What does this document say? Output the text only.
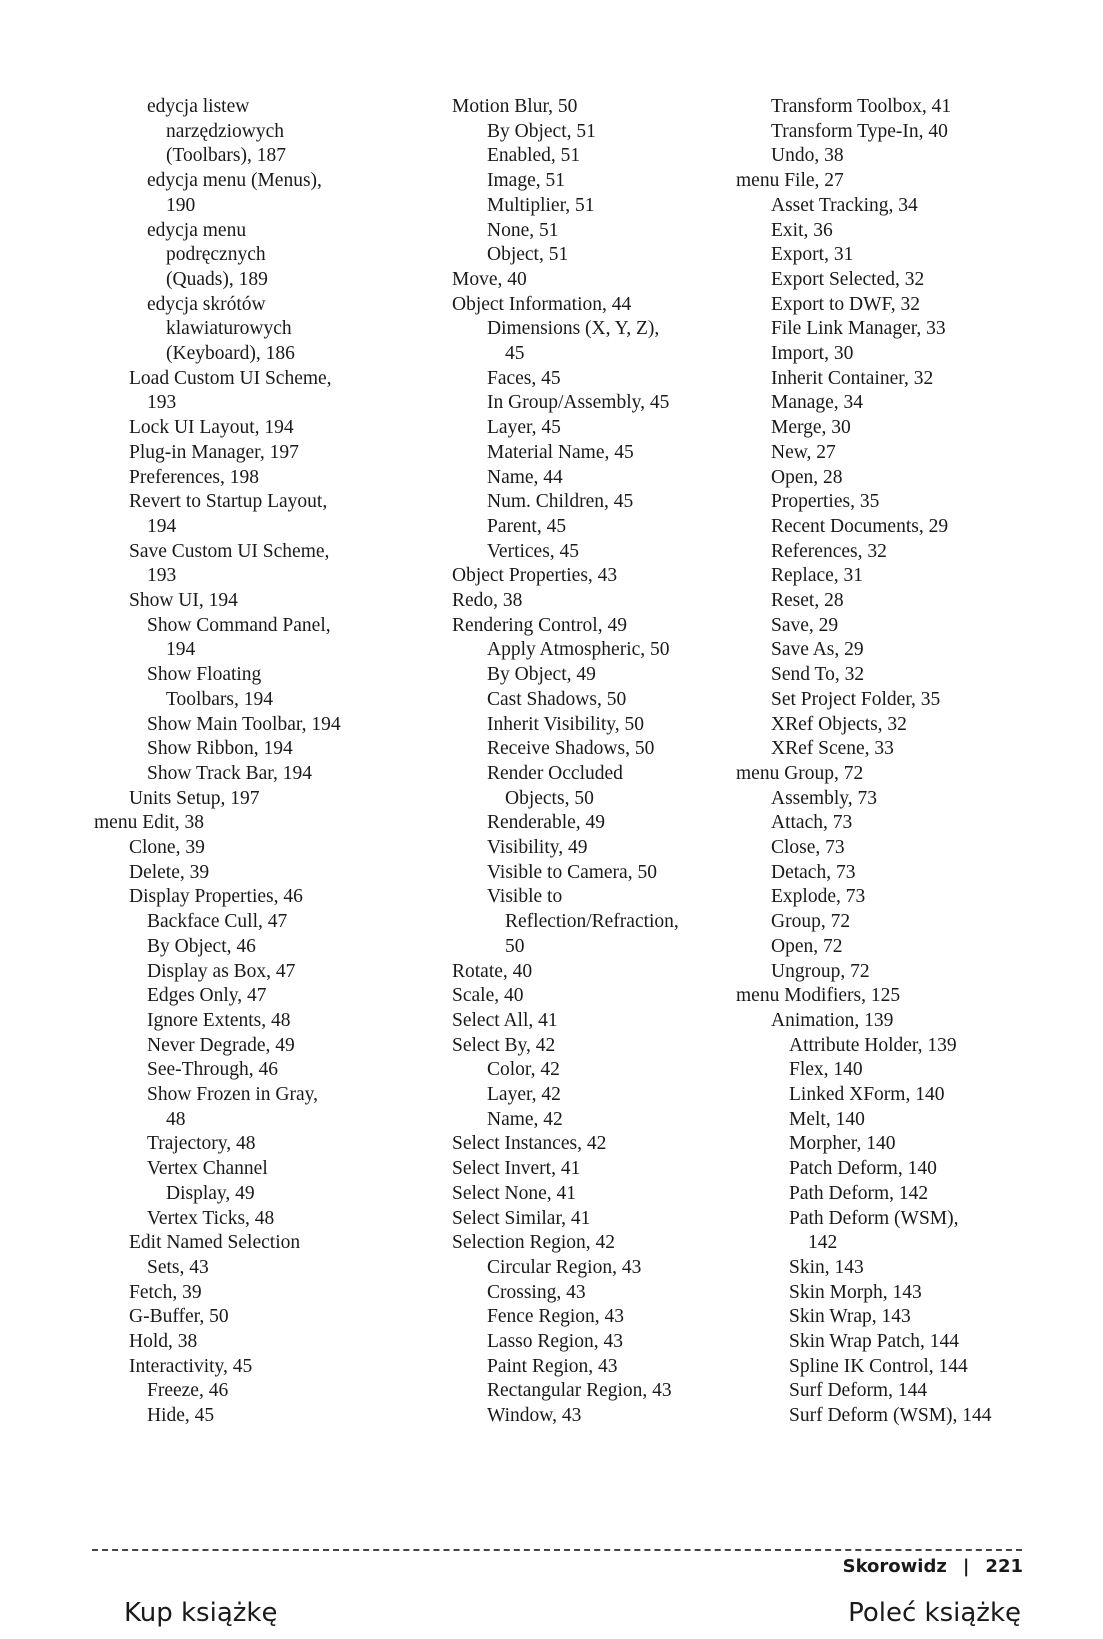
edycja listew
narzędziowych
(Toolbars), 187
edycja menu (Menus),
190
edycja menu
podręcznych
(Quads), 189
edycja skrótów
klawiaturowych
(Keyboard), 186
Load Custom UI Scheme,
193
Lock UI Layout, 194
Plug-in Manager, 197
Preferences, 198
Revert to Startup Layout,
194
Save Custom UI Scheme,
193
Show UI, 194
Show Command Panel,
194
Show Floating
Toolbars, 194
Show Main Toolbar, 194
Show Ribbon, 194
Show Track Bar, 194
Units Setup, 197
menu Edit, 38
Clone, 39
Delete, 39
Display Properties, 46
Backface Cull, 47
By Object, 46
Display as Box, 47
Edges Only, 47
Ignore Extents, 48
Never Degrade, 49
See-Through, 46
Show Frozen in Gray,
48
Trajectory, 48
Vertex Channel
Display, 49
Vertex Ticks, 48
Edit Named Selection
Sets, 43
Fetch, 39
G-Buffer, 50
Hold, 38
Interactivity, 45
Freeze, 46
Hide, 45
Motion Blur, 50
By Object, 51
Enabled, 51
Image, 51
Multiplier, 51
None, 51
Object, 51
Move, 40
Object Information, 44
Dimensions (X, Y, Z),
45
Faces, 45
In Group/Assembly, 45
Layer, 45
Material Name, 45
Name, 44
Num. Children, 45
Parent, 45
Vertices, 45
Object Properties, 43
Redo, 38
Rendering Control, 49
Apply Atmospheric, 50
By Object, 49
Cast Shadows, 50
Inherit Visibility, 50
Receive Shadows, 50
Render Occluded
Objects, 50
Renderable, 49
Visibility, 49
Visible to Camera, 50
Visible to
Reflection/Refraction,
50
Rotate, 40
Scale, 40
Select All, 41
Select By, 42
Color, 42
Layer, 42
Name, 42
Select Instances, 42
Select Invert, 41
Select None, 41
Select Similar, 41
Selection Region, 42
Circular Region, 43
Crossing, 43
Fence Region, 43
Lasso Region, 43
Paint Region, 43
Rectangular Region, 43
Window, 43
Transform Toolbox, 41
Transform Type-In, 40
Undo, 38
menu File, 27
Asset Tracking, 34
Exit, 36
Export, 31
Export Selected, 32
Export to DWF, 32
File Link Manager, 33
Import, 30
Inherit Container, 32
Manage, 34
Merge, 30
New, 27
Open, 28
Properties, 35
Recent Documents, 29
References, 32
Replace, 31
Reset, 28
Save, 29
Save As, 29
Send To, 32
Set Project Folder, 35
XRef Objects, 32
XRef Scene, 33
menu Group, 72
Assembly, 73
Attach, 73
Close, 73
Detach, 73
Explode, 73
Group, 72
Open, 72
Ungroup, 72
menu Modifiers, 125
Animation, 139
Attribute Holder, 139
Flex, 140
Linked XForm, 140
Melt, 140
Morpher, 140
Patch Deform, 140
Path Deform, 142
Path Deform (WSM),
142
Skin, 143
Skin Morph, 143
Skin Wrap, 143
Skin Wrap Patch, 144
Spline IK Control, 144
Surf Deform, 144
Surf Deform (WSM), 144
Skorowidz | 221
Kup książkę	Poleć książkę
